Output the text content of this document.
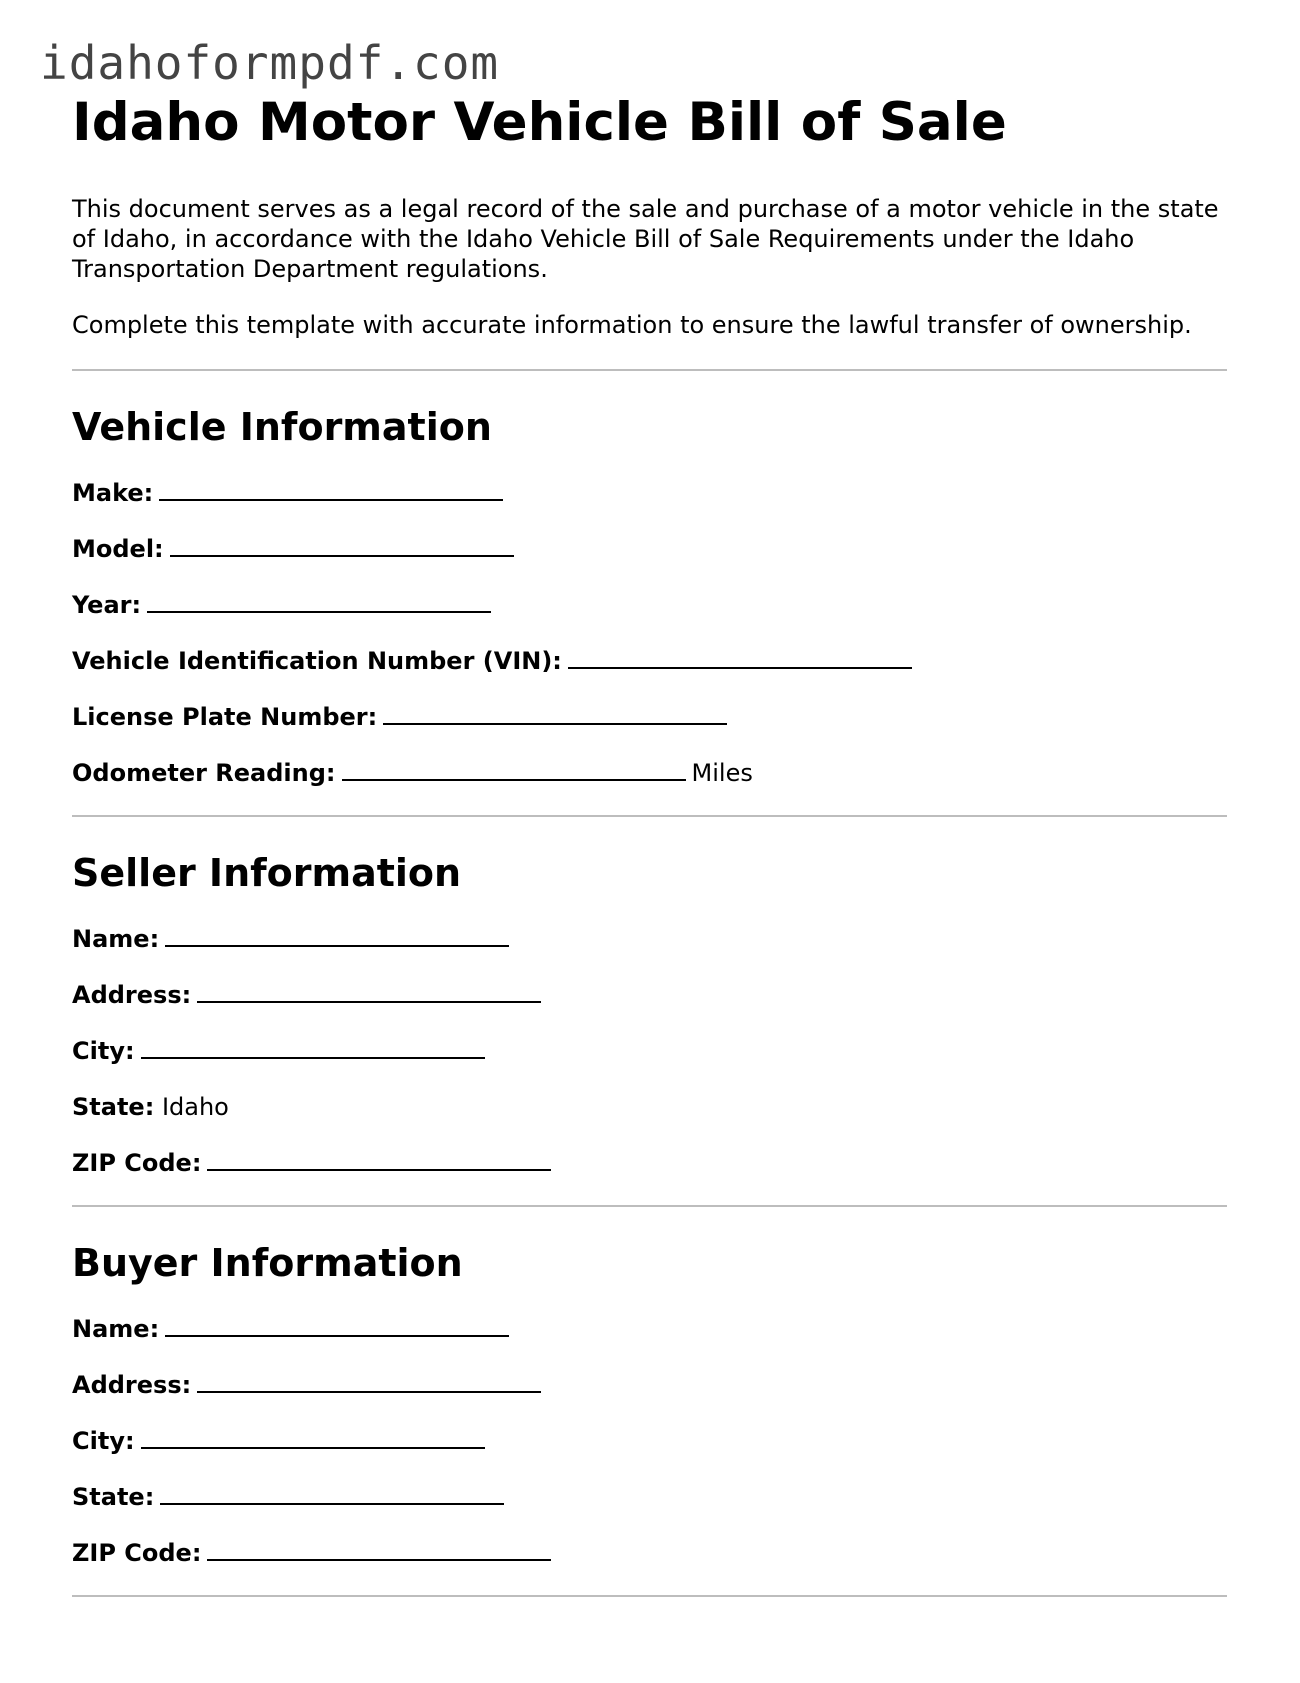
idahoformpdf.com
Idaho Motor Vehicle Bill of Sale

This document serves as a legal record of the sale and purchase of a motor vehicle in the state of Idaho, in accordance with the Idaho Vehicle Bill of Sale Requirements under the Idaho Transportation Department regulations.

Complete this template with accurate information to ensure the lawful transfer of ownership.

Vehicle Information
Make:
Model:
Year:
Vehicle Identification Number (VIN):
License Plate Number:
Odometer Reading:	Miles
Seller Information
Name:
Address:
City:
State: Idaho
ZIP Code:
Buyer Information
Name:
Address:
City:
State:
ZIP Code:
